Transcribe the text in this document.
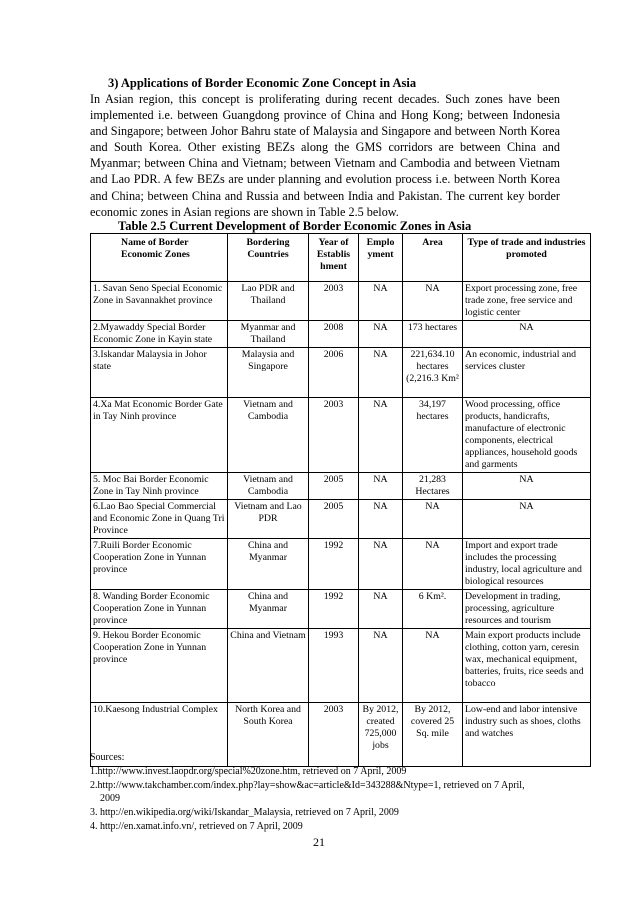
3) Applications of Border Economic Zone Concept in Asia
In Asian region, this concept is proliferating during recent decades. Such zones have been implemented i.e. between Guangdong province of China and Hong Kong; between Indonesia and Singapore; between Johor Bahru state of Malaysia and Singapore and between North Korea and South Korea. Other existing BEZs along the GMS corridors are between China and Myanmar; between China and Vietnam; between Vietnam and Cambodia and between Vietnam and Lao PDR. A few BEZs are under planning and evolution process i.e. between North Korea and China; between China and Russia and between India and Pakistan. The current key border economic zones in Asian regions are shown in Table 2.5 below.
Table 2.5 Current Development of Border Economic Zones in Asia
Name of Border Economic Zones	Bordering Countries	Year of Establis hment	Emplo yment	Area	Type of trade and industries promoted
1. Savan Seno Special Economic Zone in Savannakhet province	Lao PDR and Thailand	2003	NA	NA	Export processing zone, free trade zone, free service and logistic center
2.Myawaddy Special Border Economic Zone in Kayin state	Myanmar and Thailand	2008	NA	173 hectares	NA
3.Iskandar Malaysia in Johor state	Malaysia and Singapore	2006	NA	221,634.10 hectares (2,216.3 Km²	An economic, industrial and services cluster
4.Xa Mat Economic Border Gate in Tay Ninh province	Vietnam and Cambodia	2003	NA	34,197 hectares	Wood processing, office products, handicrafts, manufacture of electronic components, electrical appliances, household goods and garments
5. Moc Bai Border Economic Zone in Tay Ninh province	Vietnam and Cambodia	2005	NA	21,283 Hectares	NA
6.Lao Bao Special Commercial and Economic Zone in Quang Tri Province	Vietnam and Lao PDR	2005	NA	NA	NA
7.Ruili Border Economic Cooperation Zone in Yunnan province	China and Myanmar	1992	NA	NA	Import and export trade includes the processing industry, local agriculture and biological resources
8. Wanding Border Economic Cooperation Zone in Yunnan province	China and Myanmar	1992	NA	6 Km².	Development in trading, processing, agriculture resources and tourism
9. Hekou Border Economic Cooperation Zone in Yunnan province	China and Vietnam	1993	NA	NA	Main export products include clothing, cotton yarn, ceresin wax, mechanical equipment, batteries, fruits, rice seeds and tobacco
10.Kaesong Industrial Complex	North Korea and South Korea	2003	By 2012, created 725,000 jobs	By 2012, covered 25 Sq. mile	Low-end and labor intensive industry such as shoes, cloths and watches
Sources:
1.http://www.invest.laopdr.org/special%20zone.htm, retrieved on 7 April, 2009
2.http://www.takchamber.com/index.php?lay=show&ac=article&Id=343288&Ntype=1, retrieved on 7 April,
2009
3. http://en.wikipedia.org/wiki/Iskandar_Malaysia, retrieved on 7 April, 2009
4. http://en.xamat.info.vn/, retrieved on 7 April, 2009
21
